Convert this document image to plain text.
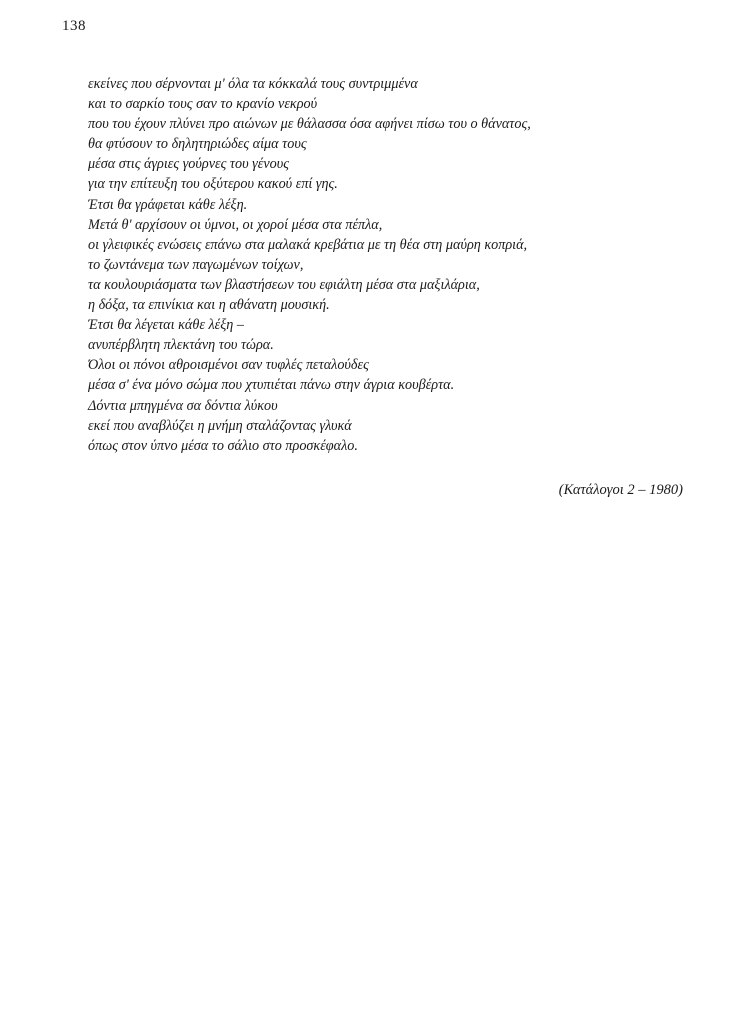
138
εκείνες που σέρνονται μ' όλα τα κόκκαλά τους συντριμμένα
και το σαρκίο τους σαν το κρανίο νεκρού
που του έχουν πλύνει προ αιώνων με θάλασσα όσα αφήνει πίσω του ο θάνατος,
θα φτύσουν το δηλητηριώδες αίμα τους
μέσα στις άγριες γούρνες του γένους
για την επίτευξη του οξύτερου κακού επί γης.
Έτσι θα γράφεται κάθε λέξη.
Μετά θ' αρχίσουν οι ύμνοι, οι χοροί μέσα στα πέπλα,
οι γλειφικές ενώσεις επάνω στα μαλακά κρεβάτια με τη θέα στη μαύρη κοπριά,
το ζωντάνεμα των παγωμένων τοίχων,
τα κουλουριάσματα των βλαστήσεων του εφιάλτη μέσα στα μαξιλάρια,
η δόξα, τα επινίκια και η αθάνατη μουσική.
Έτσι θα λέγεται κάθε λέξη –
ανυπέρβλητη πλεκτάνη του τώρα.
Όλοι οι πόνοι αθροισμένοι σαν τυφλές πεταλούδες
μέσα σ' ένα μόνο σώμα που χτυπιέται πάνω στην άγρια κουβέρτα.
Δόντια μπηγμένα σα δόντια λύκου
εκεί που αναβλύζει η μνήμη σταλάζοντας γλυκά
όπως στον ύπνο μέσα το σάλιο στο προσκέφαλο.
(Κατάλογοι 2 – 1980)
